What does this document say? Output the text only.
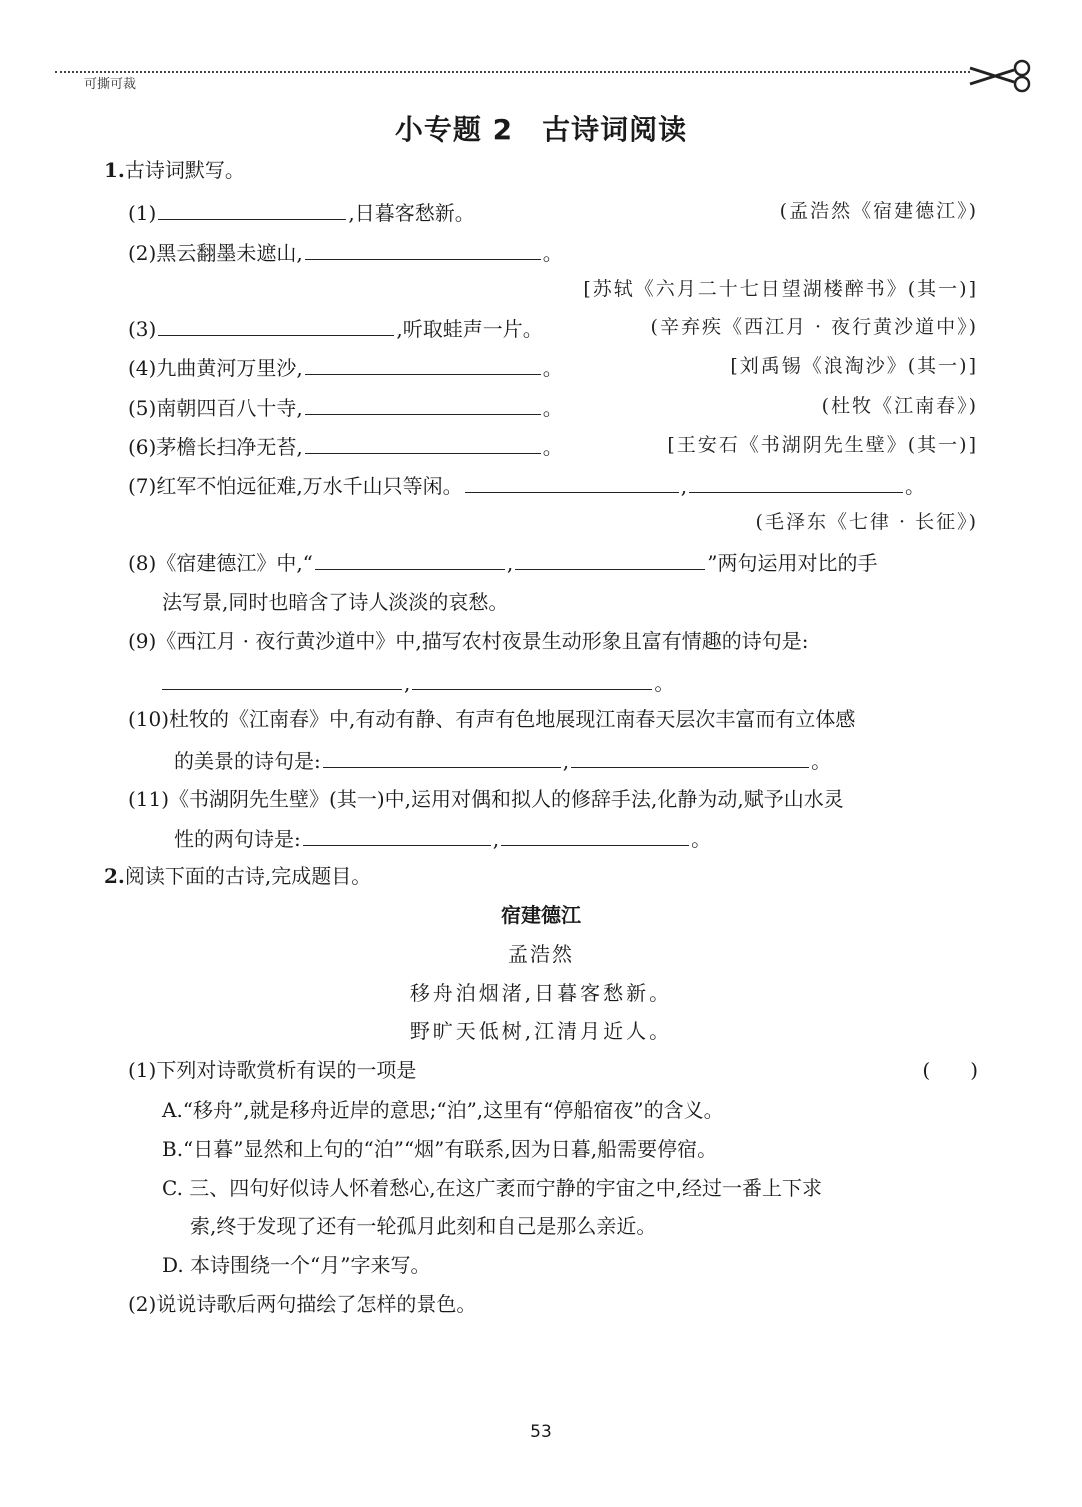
可撕可裁
小专题 2　古诗词阅读
1.古诗词默写。
(1)	,日暮客愁新。	(孟浩然《宿建德江》)
(2)黑云翻墨未遮山,	。
[苏轼《六月二十七日望湖楼醉书》(其一)]
(3)	,听取蛙声一片。	(辛弃疾《西江月 · 夜行黄沙道中》)
(4)九曲黄河万里沙,	。	[刘禹锡《浪淘沙》(其一)]
(5)南朝四百八十寺,	。	(杜牧《江南春》)
(6)茅檐长扫净无苔,	。	[王安石《书湖阴先生壁》(其一)]
(7)红军不怕远征难,万水千山只等闲。	,	。
(毛泽东《七律 · 长征》)
(8)《宿建德江》中,“	,	”两句运用对比的手
法写景,同时也暗含了诗人淡淡的哀愁。
(9)《西江月 · 夜行黄沙道中》中,描写农村夜景生动形象且富有情趣的诗句是:
,	。
(10)杜牧的《江南春》中,有动有静、有声有色地展现江南春天层次丰富而有立体感
的美景的诗句是:	,	。
(11)《书湖阴先生壁》(其一)中,运用对偶和拟人的修辞手法,化静为动,赋予山水灵
性的两句诗是:	,	。
2.阅读下面的古诗,完成题目。
宿建德江
孟浩然
移舟泊烟渚,日暮客愁新。
野旷天低树,江清月近人。
(1)下列对诗歌赏析有误的一项是	(　　)
A.“移舟”,就是移舟近岸的意思;“泊”,这里有“停船宿夜”的含义。
B.“日暮”显然和上句的“泊”“烟”有联系,因为日暮,船需要停宿。
C. 三、四句好似诗人怀着愁心,在这广袤而宁静的宇宙之中,经过一番上下求
索,终于发现了还有一轮孤月此刻和自己是那么亲近。
D. 本诗围绕一个“月”字来写。
(2)说说诗歌后两句描绘了怎样的景色。
53
